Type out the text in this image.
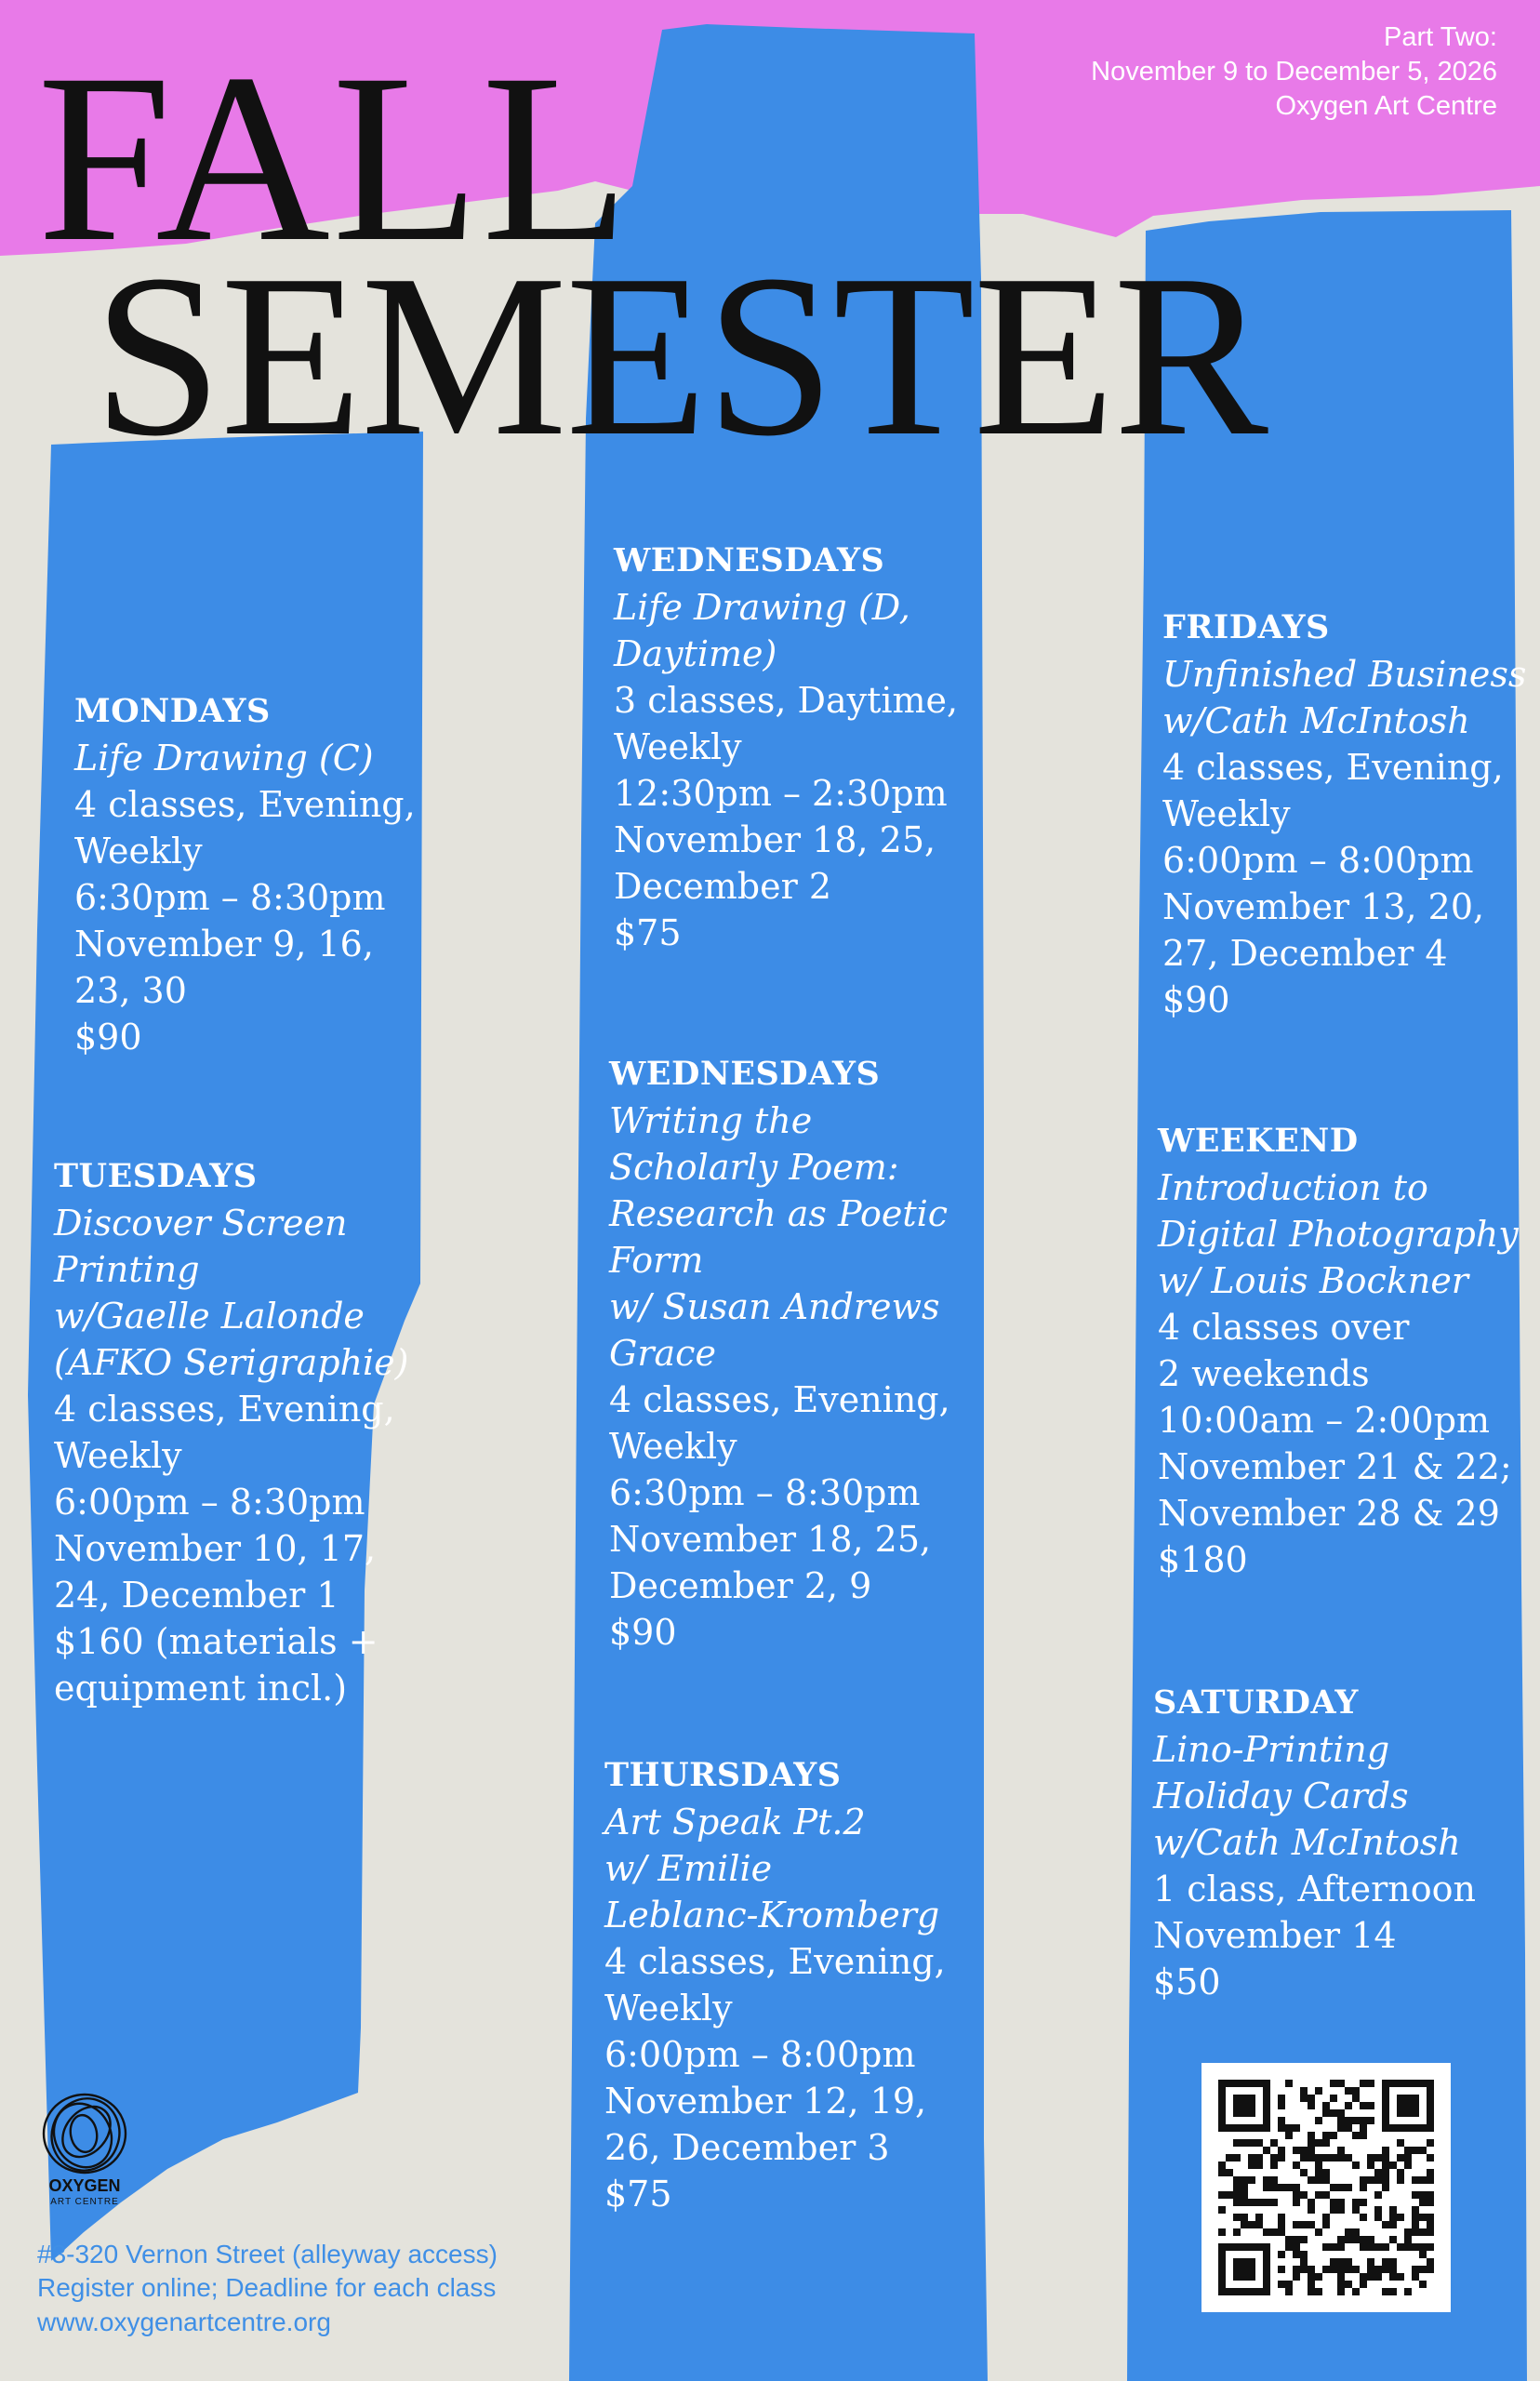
FALL
SEMESTER
Part Two:
November 9 to December 5, 2026
Oxygen Art Centre
MONDAYS
Life Drawing (C)
4 classes, Evening,
Weekly
6:30pm – 8:30pm
November 9, 16,
23, 30
$90
TUESDAYS
Discover Screen
Printing
w/Gaelle Lalonde
(AFKO Serigraphie)
4 classes, Evening,
Weekly
6:00pm – 8:30pm
November 10, 17,
24, December 1
$160 (materials +
equipment incl.)
WEDNESDAYS
Life Drawing (D,
Daytime)
3 classes, Daytime,
Weekly
12:30pm – 2:30pm
November 18, 25,
December 2
$75
WEDNESDAYS
Writing the
Scholarly Poem:
Research as Poetic
Form
w/ Susan Andrews
Grace
4 classes, Evening,
Weekly
6:30pm – 8:30pm
November 18, 25,
December 2, 9
$90
THURSDAYS
Art Speak Pt.2
w/ Emilie
Leblanc-Kromberg
4 classes, Evening,
Weekly
6:00pm – 8:00pm
November 12, 19,
26, December 3
$75
FRIDAYS
Unfinished Business
w/Cath McIntosh
4 classes, Evening,
Weekly
6:00pm – 8:00pm
November 13, 20,
27, December 4
$90
WEEKEND
Introduction to
Digital Photography
w/ Louis Bockner
4 classes over
2 weekends
10:00am – 2:00pm
November 21 & 22;
November 28 & 29
$180
SATURDAY
Lino-Printing
Holiday Cards
w/Cath McIntosh
1 class, Afternoon
November 14
$50
OXYGEN
ART CENTRE
#3-320 Vernon Street (alleyway access)
Register online; Deadline for each class
www.oxygenartcentre.org
